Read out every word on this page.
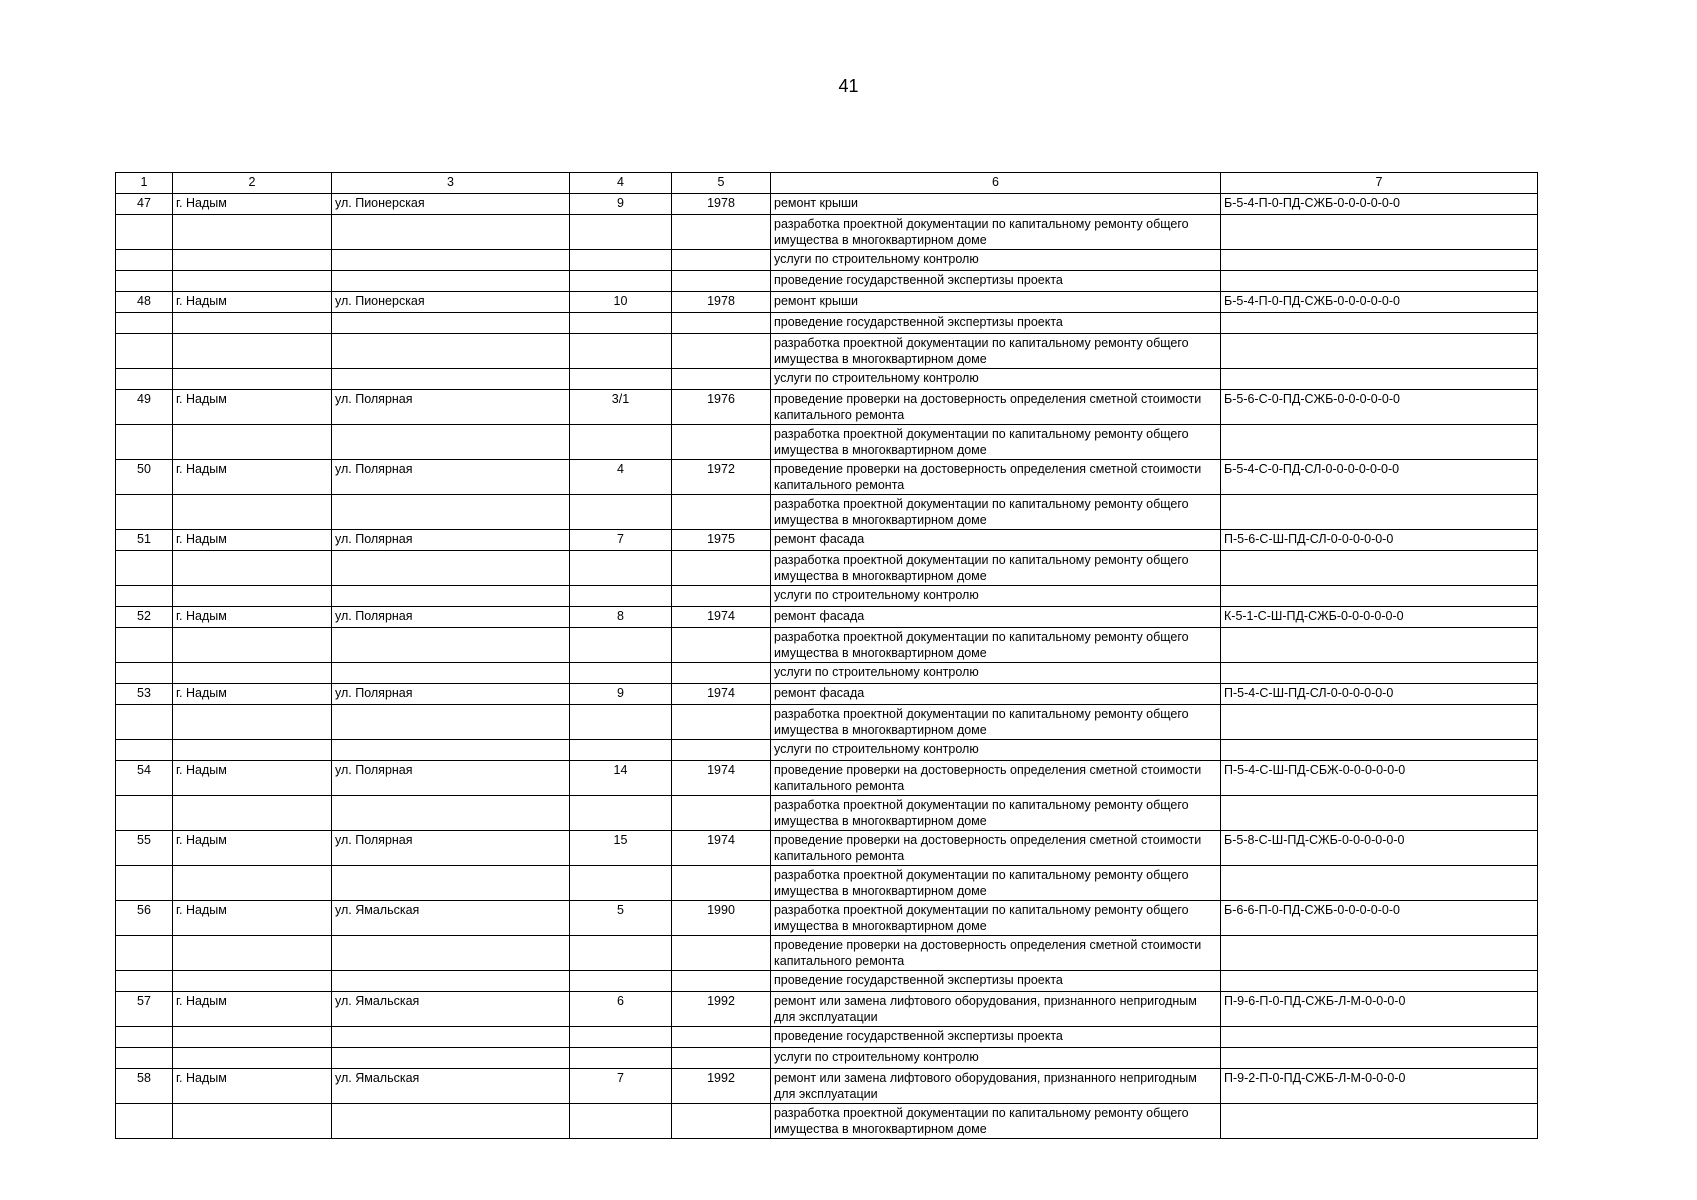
41
1	2	3	4	5	6	7
47	г. Надым	ул. Пионерская	9	1978	ремонт крыши	Б-5-4-П-0-ПД-СЖБ-0-0-0-0-0-0
					разработка проектной документации по капитальному ремонту общего имущества в многоквартирном доме	
					услуги по строительному контролю	
					проведение государственной экспертизы проекта	
48	г. Надым	ул. Пионерская	10	1978	ремонт крыши	Б-5-4-П-0-ПД-СЖБ-0-0-0-0-0-0
					проведение государственной экспертизы проекта	
					разработка проектной документации по капитальному ремонту общего имущества в многоквартирном доме	
					услуги по строительному контролю	
49	г. Надым	ул. Полярная	3/1	1976	проведение проверки на достоверность определения сметной стоимости капитального ремонта	Б-5-6-С-0-ПД-СЖБ-0-0-0-0-0-0
					разработка проектной документации по капитальному ремонту общего имущества в многоквартирном доме	
50	г. Надым	ул. Полярная	4	1972	проведение проверки на достоверность определения сметной стоимости капитального ремонта	Б-5-4-С-0-ПД-СЛ-0-0-0-0-0-0-0
					разработка проектной документации по капитальному ремонту общего имущества в многоквартирном доме	
51	г. Надым	ул. Полярная	7	1975	ремонт фасада	П-5-6-С-Ш-ПД-СЛ-0-0-0-0-0-0
					разработка проектной документации по капитальному ремонту общего имущества в многоквартирном доме	
					услуги по строительному контролю	
52	г. Надым	ул. Полярная	8	1974	ремонт фасада	К-5-1-С-Ш-ПД-СЖБ-0-0-0-0-0-0
					разработка проектной документации по капитальному ремонту общего имущества в многоквартирном доме	
					услуги по строительному контролю	
53	г. Надым	ул. Полярная	9	1974	ремонт фасада	П-5-4-С-Ш-ПД-СЛ-0-0-0-0-0-0
					разработка проектной документации по капитальному ремонту общего имущества в многоквартирном доме	
					услуги по строительному контролю	
54	г. Надым	ул. Полярная	14	1974	проведение проверки на достоверность определения сметной стоимости капитального ремонта	П-5-4-С-Ш-ПД-СБЖ-0-0-0-0-0-0
					разработка проектной документации по капитальному ремонту общего имущества в многоквартирном доме	
55	г. Надым	ул. Полярная	15	1974	проведение проверки на достоверность определения сметной стоимости капитального ремонта	Б-5-8-С-Ш-ПД-СЖБ-0-0-0-0-0-0
					разработка проектной документации по капитальному ремонту общего имущества в многоквартирном доме	
56	г. Надым	ул. Ямальская	5	1990	разработка проектной документации по капитальному ремонту общего имущества в многоквартирном доме	Б-6-6-П-0-ПД-СЖБ-0-0-0-0-0-0
					проведение проверки на достоверность определения сметной стоимости капитального ремонта	
					проведение государственной экспертизы проекта	
57	г. Надым	ул. Ямальская	6	1992	ремонт или замена лифтового оборудования, признанного непригодным для эксплуатации	П-9-6-П-0-ПД-СЖБ-Л-М-0-0-0-0
					проведение государственной экспертизы проекта	
					услуги по строительному контролю	
58	г. Надым	ул. Ямальская	7	1992	ремонт или замена лифтового оборудования, признанного непригодным для эксплуатации	П-9-2-П-0-ПД-СЖБ-Л-М-0-0-0-0
					разработка проектной документации по капитальному ремонту общего имущества в многоквартирном доме	
